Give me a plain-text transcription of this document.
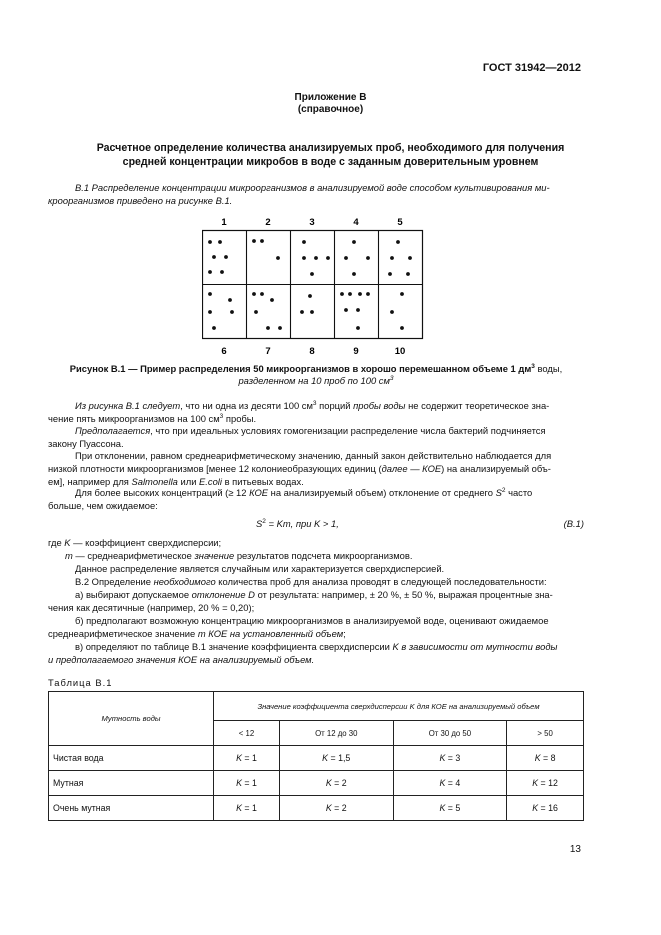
ГОСТ 31942—2012
Приложение В
(справочное)
Расчетное определение количества анализируемых проб, необходимого для получения
средней концентрации микробов в воде с заданным доверительным уровнем
В.1 Распределение концентрации микроорганизмов в анализируемой воде способом культивирования ми-
кроорганизмов приведено на рисунке В.1.
1	2	3	4	5
6	7	8	9	10
Рисунок В.1 — Пример распределения 50 микроорганизмов в хорошо перемешанном объеме 1 $дм^3$ воды,
разделенном на 10 проб по 100 $см^3$
Из рисунка В.1 следует, что ни одна из десяти 100 $см^3$ порций пробы воды не содержит теоретическое зна-
чение пять микроорганизмов на 100 $см^3$ пробы.
Предполагается, что при идеальных условиях гомогенизации распределение числа бактерий подчиняется
закону Пуассона.
При отклонении, равном среднеарифметическому значению, данный закон действительно наблюдается для
низкой плотности микроорганизмов [менее 12 колониеобразующих единиц (далее — КОЕ) на анализируемый объ-
ем], например для Salmonella или E.coli в питьевых водах.
Для более высоких концентраций (≥ 12 КОЕ на анализируемый объем) отклонение от среднего $S^2$ часто
больше, чем ожидаемое:
$S^2 = Km$, при K > 1,	(В.1)
где K — коэффициент сверхдисперсии;
m — среднеарифметическое значение результатов подсчета микроорганизмов.
Данное распределение является случайным или характеризуется сверхдисперсией.
В.2 Определение необходимого количества проб для анализа проводят в следующей последовательности:
а) выбирают допускаемое отклонение D от результата: например, ± 20 %, ± 50 %, выражая процентные зна-
чения как десятичные (например, 20 % = 0,20);
б) предполагают возможную концентрацию микроорганизмов в анализируемой воде, оценивают ожидаемое
среднеарифметическое значение m КОЕ на установленный объем;
в) определяют по таблице В.1 значение коэффициента сверхдисперсии K в зависимости от мутности воды
и предполагаемого значения КОЕ на анализируемый объем.
Таблица В.1
Мутность воды	Значение коэффициента сверхдисперсии K для КОЕ на анализируемый объем			
	< 12	От 12 до 30	От 30 до 50	> 50
Чистая вода	K = 1	K = 1,5	K = 3	K = 8
Мутная	K = 1	K = 2	K = 4	K = 12
Очень мутная	K = 1	K = 2	K = 5	K = 16
13
